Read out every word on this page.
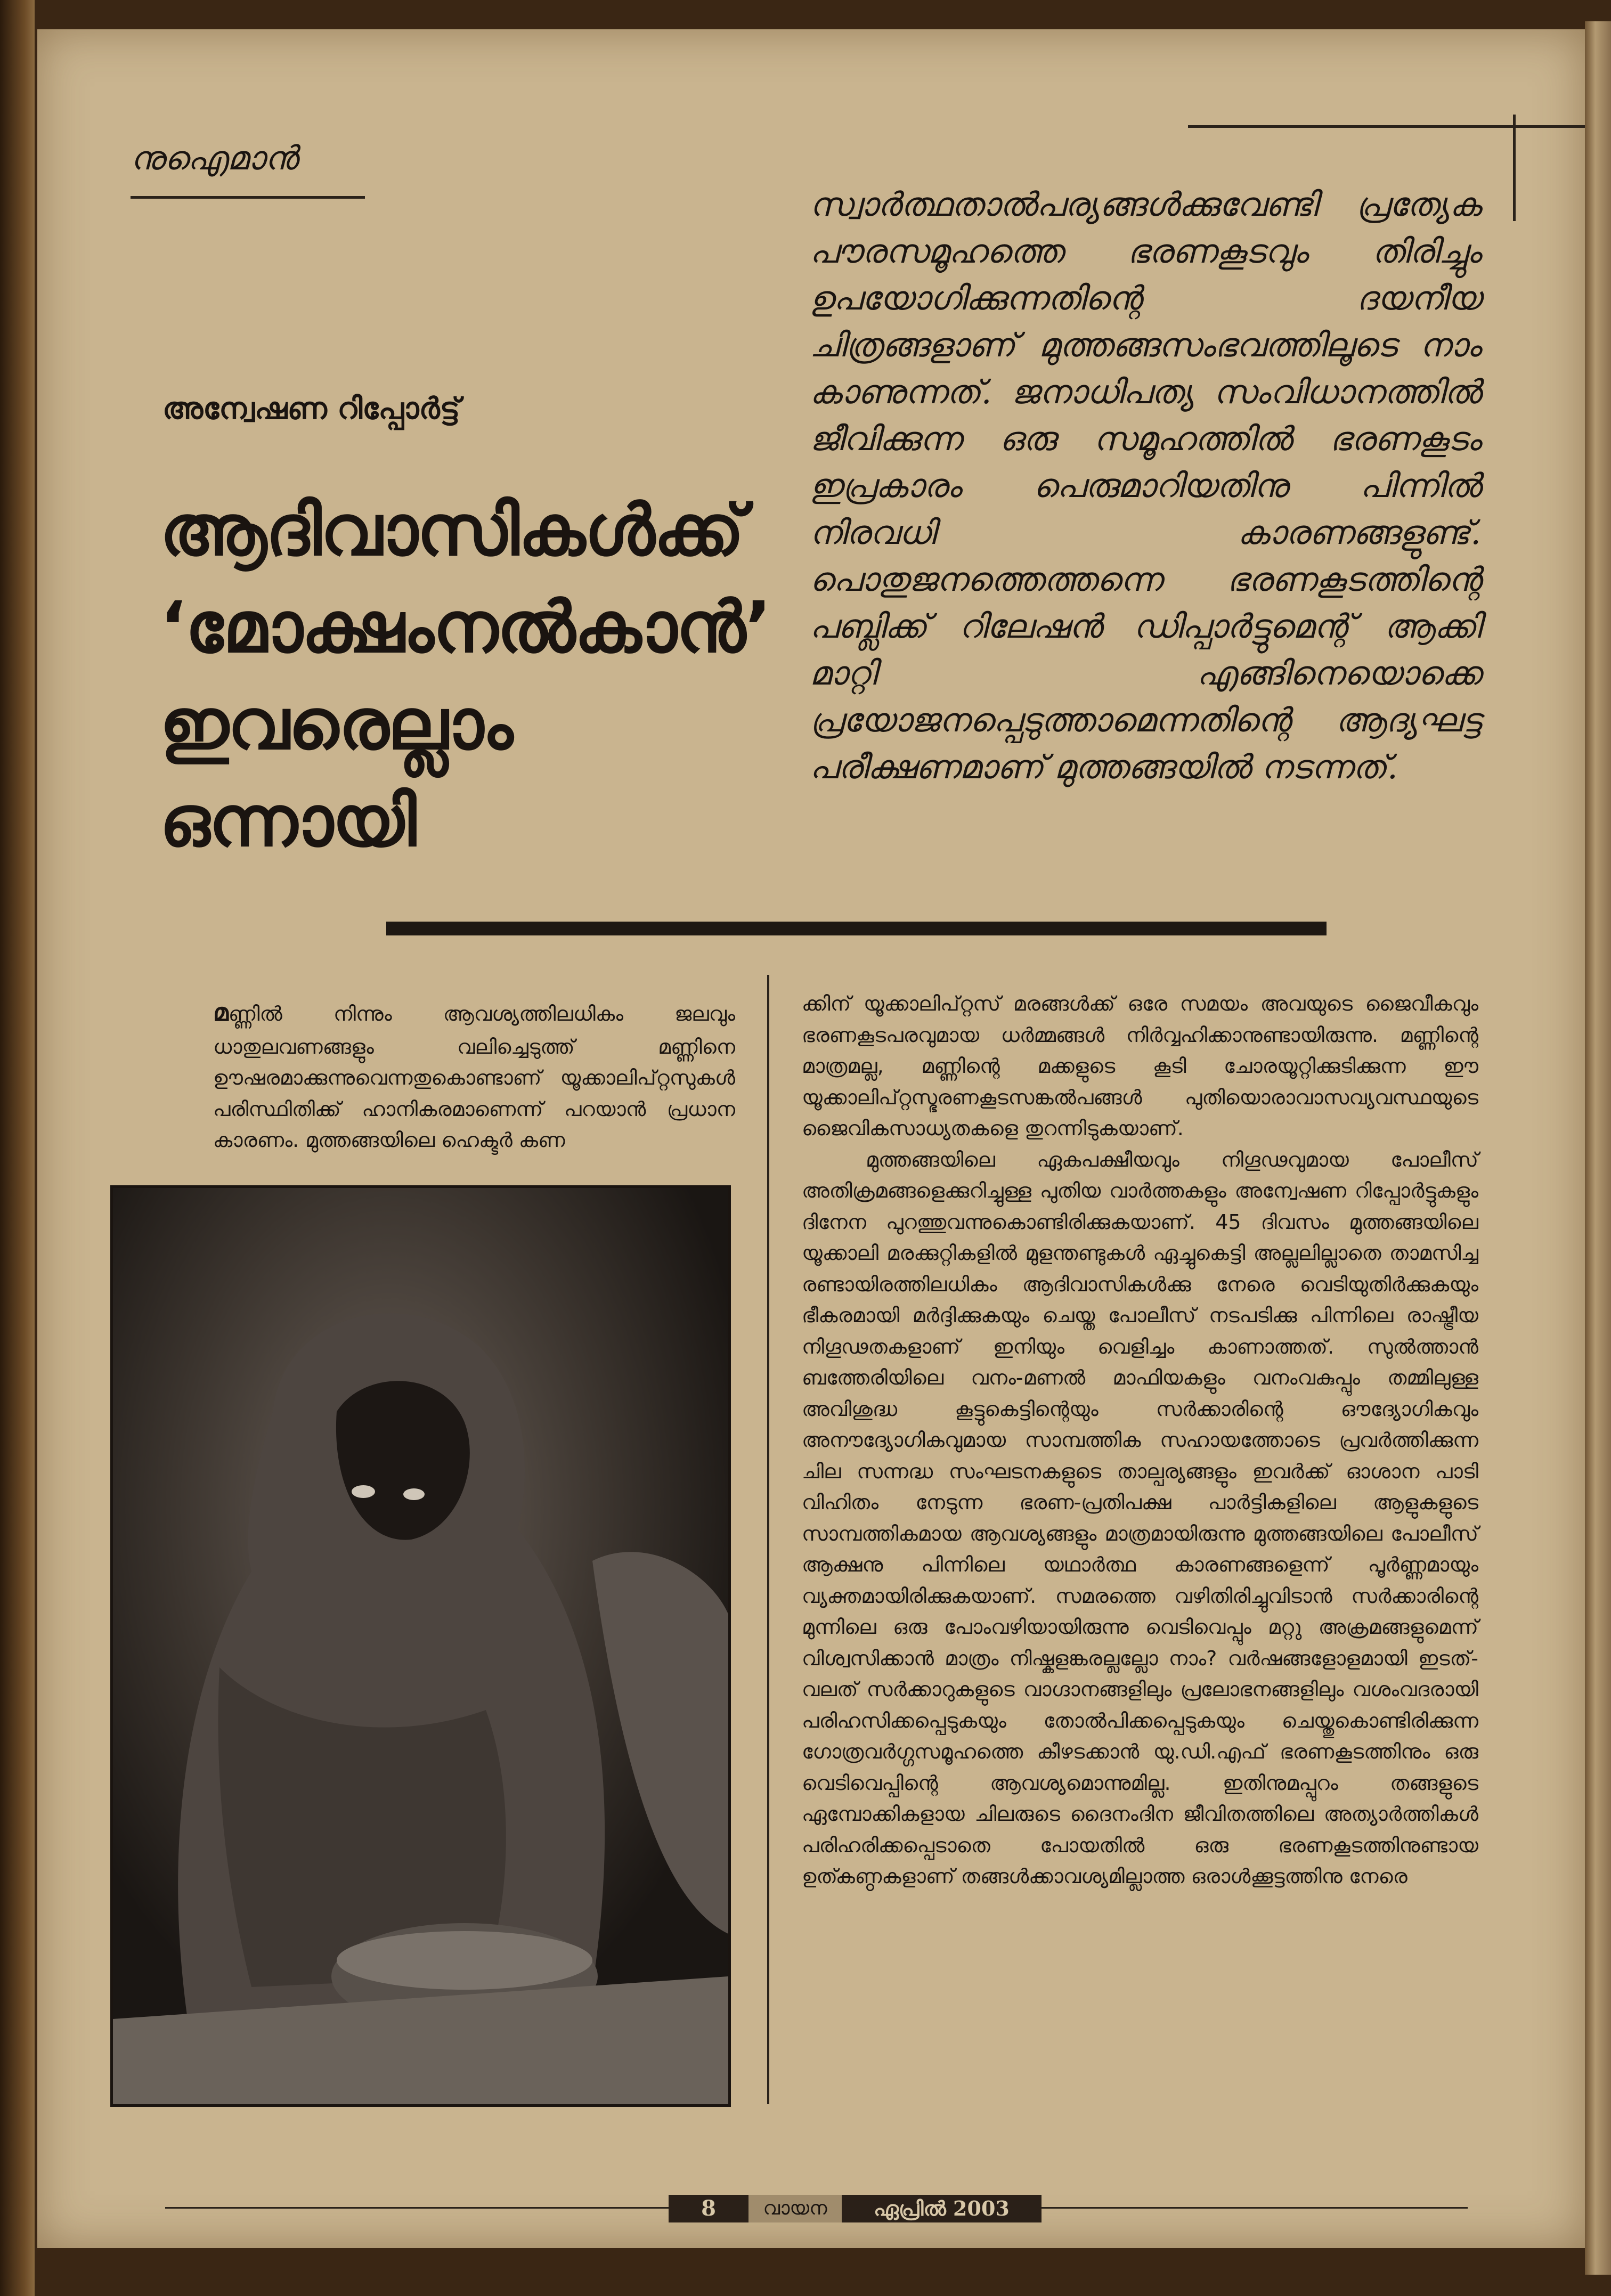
നുഐമാൻ

അന്വേഷണ റിപ്പോർട്ട്

ആദിവാസികൾക്ക്
‘മോക്ഷംനൽകാൻ’
ഇവരെല്ലാം ഒന്നായി

സ്വാർത്ഥതാൽപര്യങ്ങൾക്കുവേണ്ടി പ്രത്യേക പൗരസമൂഹത്തെ ഭരണകൂടവും തിരിച്ചും ഉപയോഗിക്കുന്നതിന്റെ ദയനീയ ചിത്രങ്ങളാണ് മുത്തങ്ങസംഭവത്തിലൂടെ നാം കാണുന്നത്. ജനാധിപത്യ സംവിധാനത്തിൽ ജീവിക്കുന്ന ഒരു സമൂഹത്തിൽ ഭരണകൂടം ഇപ്രകാരം പെരുമാറിയതിനു പിന്നിൽ നിരവധി കാരണങ്ങളുണ്ട്. പൊതുജനത്തെത്തന്നെ ഭരണകൂടത്തിന്റെ പബ്ലിക്ക് റിലേഷൻ ഡിപ്പാർട്ടുമെന്റ് ആക്കി മാറ്റി എങ്ങിനെയൊക്കെ പ്രയോജനപ്പെടുത്താമെന്നതിന്റെ ആദ്യഘട്ട പരീക്ഷണമാണ് മുത്തങ്ങയിൽ നടന്നത്.

മണ്ണിൽ നിന്നും ആവശ്യത്തിലധികം ജലവും ധാതുലവണങ്ങളും വലിച്ചെടുത്ത് മണ്ണിനെ ഊഷരമാക്കുന്നുവെന്നതുകൊണ്ടാണ് യൂക്കാലിപ്റ്റസുകൾ പരിസ്ഥിതിക്ക് ഹാനികരമാണെന്ന് പറയാൻ പ്രധാന കാരണം. മുത്തങ്ങയിലെ ഹെക്ടർ കണ

ക്കിന് യൂക്കാലിപ്റ്റസ് മരങ്ങൾക്ക് ഒരേ സമയം അവയുടെ ജൈവീകവും ഭരണകൂടപരവുമായ ധർമ്മങ്ങൾ നിർവ്വഹിക്കാനുണ്ടായിരുന്നു. മണ്ണിന്റെ മാത്രമല്ല, മണ്ണിന്റെ മക്കളുടെ കൂടി ചോരയൂറ്റിക്കുടിക്കുന്ന ഈ യൂക്കാലിപ്റ്റസ്ഭരണകൂടസങ്കൽപങ്ങൾ പുതിയൊരാവാസവ്യവസ്ഥയുടെ ജൈവികസാധ്യതകളെ തുറന്നിടുകയാണ്.

മുത്തങ്ങയിലെ ഏകപക്ഷീയവും നിഗൂഢവുമായ പോലീസ് അതിക്രമങ്ങളെക്കുറിച്ചുള്ള പുതിയ വാർത്തകളും അന്വേഷണ റിപ്പോർട്ടുകളും ദിനേന പുറത്തുവന്നുകൊണ്ടിരിക്കുകയാണ്. 45 ദിവസം മുത്തങ്ങയിലെ യൂക്കാലി മരക്കുറ്റികളിൽ മുളന്തണ്ടുകൾ ഏച്ചുകെട്ടി അല്ലലില്ലാതെ താമസിച്ച രണ്ടായിരത്തിലധികം ആദിവാസികൾക്കു നേരെ വെടിയുതിർക്കുകയും ഭീകരമായി മർദ്ദിക്കുകയും ചെയ്ത പോലീസ് നടപടിക്കു പിന്നിലെ രാഷ്ട്രീയ നിഗൂഢതകളാണ് ഇനിയും വെളിച്ചം കാണാത്തത്. സുൽത്താൻ ബത്തേരിയിലെ വനം-മണൽ മാഫിയകളും വനംവകുപ്പും തമ്മിലുള്ള അവിശുദ്ധ കൂട്ടുകെട്ടിന്റെയും സർക്കാരിന്റെ ഔദ്യോഗികവും അനൗദ്യോഗികവുമായ സാമ്പത്തിക സഹായത്തോടെ പ്രവർത്തിക്കുന്ന ചില സന്നദ്ധ സംഘടനകളുടെ താല്പര്യങ്ങളും ഇവർക്ക് ഓശാന പാടി വിഹിതം നേടുന്ന ഭരണ-പ്രതിപക്ഷ പാർട്ടികളിലെ ആളുകളുടെ സാമ്പത്തികമായ ആവശ്യങ്ങളും മാത്രമായിരുന്നു മുത്തങ്ങയിലെ പോലീസ് ആക്ഷനു പിന്നിലെ യഥാർത്ഥ കാരണങ്ങളെന്ന് പൂർണ്ണമായും വ്യക്തമായിരിക്കുകയാണ്. സമരത്തെ വഴിതിരിച്ചുവിടാൻ സർക്കാരിന്റെ മുന്നിലെ ഒരു പോംവഴിയായിരുന്നു വെടിവെപ്പും മറ്റു അക്രമങ്ങളുമെന്ന് വിശ്വസിക്കാൻ മാത്രം നിഷ്കളങ്കരല്ലല്ലോ നാം? വർഷങ്ങളോളമായി ഇടത്-വലത് സർക്കാറുകളുടെ വാഗ്ദാനങ്ങളിലും പ്രലോഭനങ്ങളിലും വശംവദരായി പരിഹസിക്കപ്പെടുകയും തോൽപിക്കപ്പെടുകയും ചെയ്തുകൊണ്ടിരിക്കുന്ന ഗോത്രവർഗ്ഗസമൂഹത്തെ കീഴടക്കാൻ യു.ഡി.എഫ് ഭരണകൂടത്തിനും ഒരു വെടിവെപ്പിന്റെ ആവശ്യമൊന്നുമില്ല. ഇതിനുമപ്പുറം തങ്ങളുടെ ഏമ്പോക്കികളായ ചിലരുടെ ദൈനംദിന ജീവിതത്തിലെ അത്യാർത്തികൾ പരിഹരിക്കപ്പെടാതെ പോയതിൽ ഒരു ഭരണകൂടത്തിനുണ്ടായ ഉത്കണ്ഠകളാണ് തങ്ങൾക്കാവശ്യമില്ലാത്ത ഒരാൾക്കൂട്ടത്തിനു നേരെ

8	വായന	ഏപ്രിൽ 2003
